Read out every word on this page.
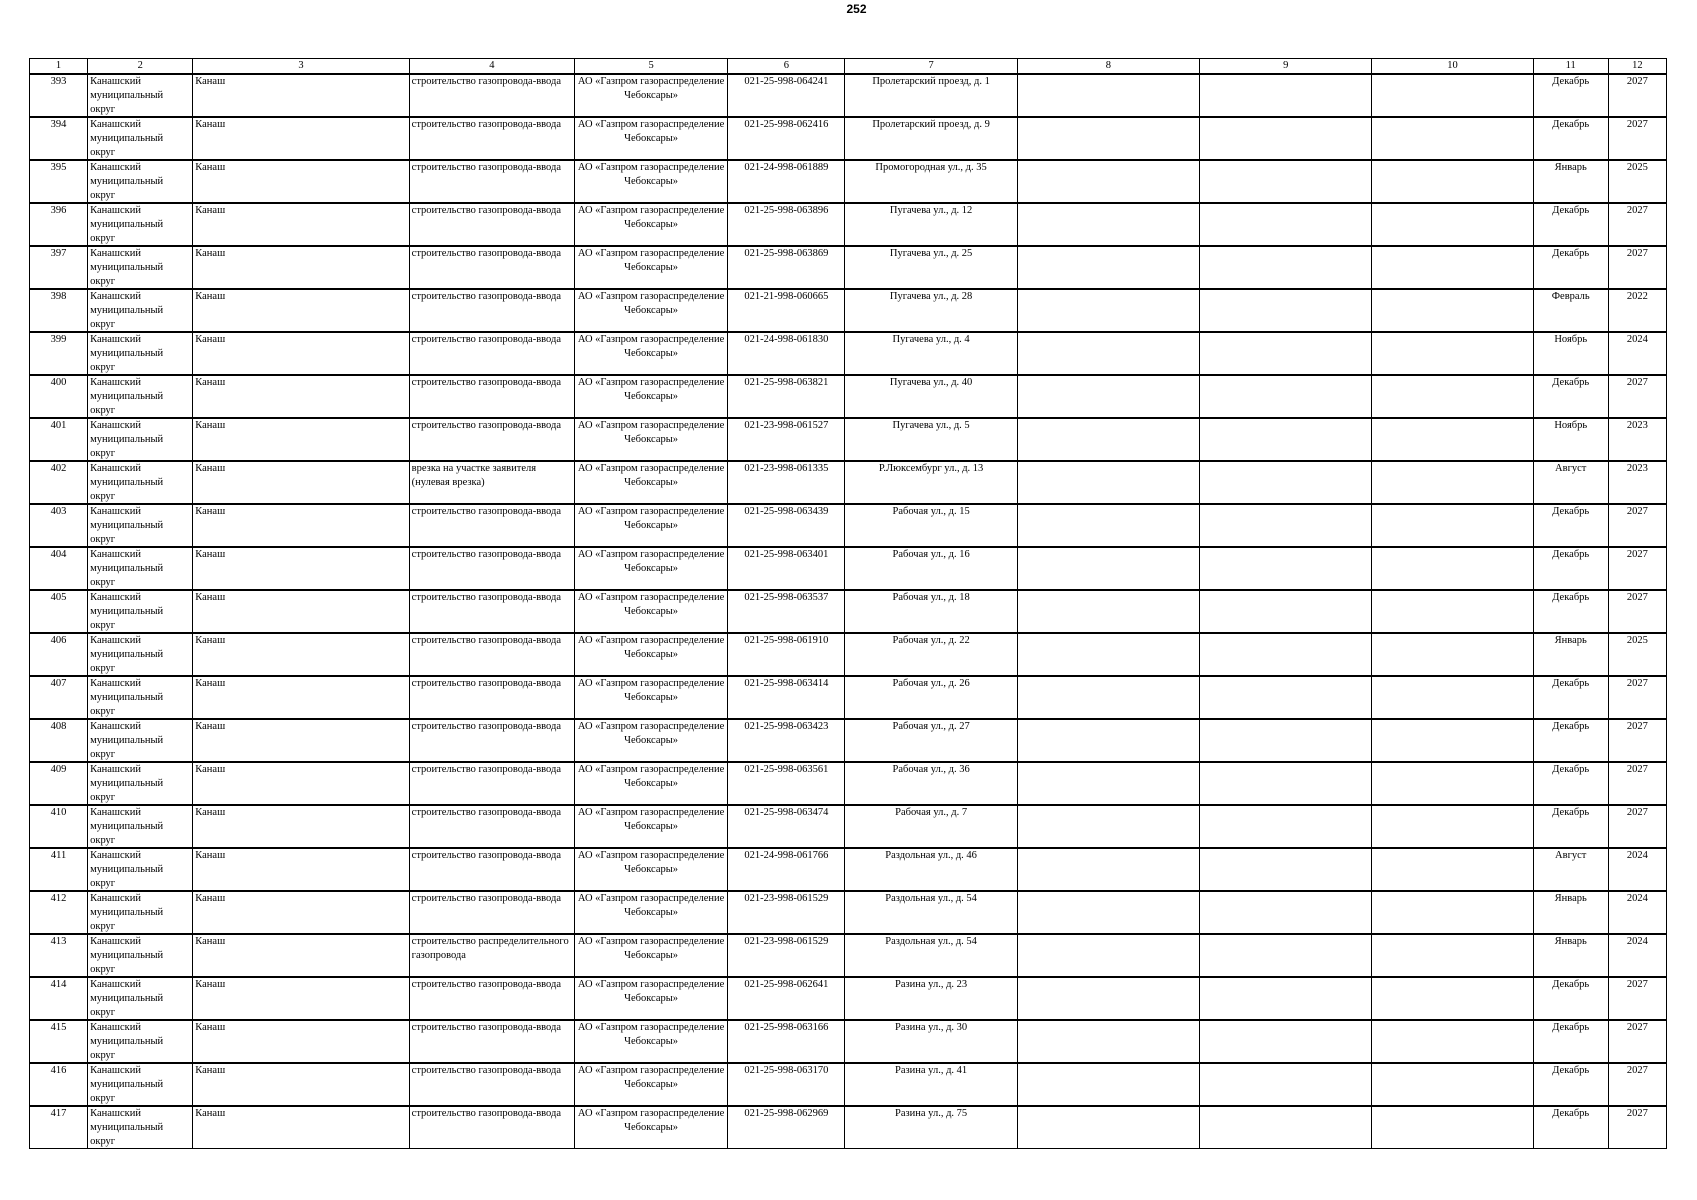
252
1	2	3	4	5	6	7	8	9	10	11	12

393	Канашский муниципальный округ	Канаш	строительство газопровода-ввода	АО «Газпром газораспределение Чебоксары»	021-25-998-064241	Пролетарский проезд, д. 1				Декабрь	2027

394	Канашский муниципальный округ	Канаш	строительство газопровода-ввода	АО «Газпром газораспределение Чебоксары»	021-25-998-062416	Пролетарский проезд, д. 9				Декабрь	2027

395	Канашский муниципальный округ	Канаш	строительство газопровода-ввода	АО «Газпром газораспределение Чебоксары»	021-24-998-061889	Промогородная ул., д. 35				Январь	2025

396	Канашский муниципальный округ	Канаш	строительство газопровода-ввода	АО «Газпром газораспределение Чебоксары»	021-25-998-063896	Пугачева ул., д. 12				Декабрь	2027

397	Канашский муниципальный округ	Канаш	строительство газопровода-ввода	АО «Газпром газораспределение Чебоксары»	021-25-998-063869	Пугачева ул., д. 25				Декабрь	2027

398	Канашский муниципальный округ	Канаш	строительство газопровода-ввода	АО «Газпром газораспределение Чебоксары»	021-21-998-060665	Пугачева ул., д. 28				Февраль	2022

399	Канашский муниципальный округ	Канаш	строительство газопровода-ввода	АО «Газпром газораспределение Чебоксары»	021-24-998-061830	Пугачева ул., д. 4				Ноябрь	2024

400	Канашский муниципальный округ	Канаш	строительство газопровода-ввода	АО «Газпром газораспределение Чебоксары»	021-25-998-063821	Пугачева ул., д. 40				Декабрь	2027

401	Канашский муниципальный округ	Канаш	строительство газопровода-ввода	АО «Газпром газораспределение Чебоксары»	021-23-998-061527	Пугачева ул., д. 5				Ноябрь	2023

402	Канашский муниципальный округ	Канаш	врезка на участке заявителя (нулевая врезка)	АО «Газпром газораспределение Чебоксары»	021-23-998-061335	Р.Люксембург ул., д. 13				Август	2023

403	Канашский муниципальный округ	Канаш	строительство газопровода-ввода	АО «Газпром газораспределение Чебоксары»	021-25-998-063439	Рабочая ул., д. 15				Декабрь	2027

404	Канашский муниципальный округ	Канаш	строительство газопровода-ввода	АО «Газпром газораспределение Чебоксары»	021-25-998-063401	Рабочая ул., д. 16				Декабрь	2027

405	Канашский муниципальный округ	Канаш	строительство газопровода-ввода	АО «Газпром газораспределение Чебоксары»	021-25-998-063537	Рабочая ул., д. 18				Декабрь	2027

406	Канашский муниципальный округ	Канаш	строительство газопровода-ввода	АО «Газпром газораспределение Чебоксары»	021-25-998-061910	Рабочая ул., д. 22				Январь	2025

407	Канашский муниципальный округ	Канаш	строительство газопровода-ввода	АО «Газпром газораспределение Чебоксары»	021-25-998-063414	Рабочая ул., д. 26				Декабрь	2027

408	Канашский муниципальный округ	Канаш	строительство газопровода-ввода	АО «Газпром газораспределение Чебоксары»	021-25-998-063423	Рабочая ул., д. 27				Декабрь	2027

409	Канашский муниципальный округ	Канаш	строительство газопровода-ввода	АО «Газпром газораспределение Чебоксары»	021-25-998-063561	Рабочая ул., д. 36				Декабрь	2027

410	Канашский муниципальный округ	Канаш	строительство газопровода-ввода	АО «Газпром газораспределение Чебоксары»	021-25-998-063474	Рабочая ул., д. 7				Декабрь	2027

411	Канашский муниципальный округ	Канаш	строительство газопровода-ввода	АО «Газпром газораспределение Чебоксары»	021-24-998-061766	Раздольная ул., д. 46				Август	2024

412	Канашский муниципальный округ	Канаш	строительство газопровода-ввода	АО «Газпром газораспределение Чебоксары»	021-23-998-061529	Раздольная ул., д. 54				Январь	2024

413	Канашский муниципальный округ	Канаш	строительство распределительного газопровода	АО «Газпром газораспределение Чебоксары»	021-23-998-061529	Раздольная ул., д. 54				Январь	2024

414	Канашский муниципальный округ	Канаш	строительство газопровода-ввода	АО «Газпром газораспределение Чебоксары»	021-25-998-062641	Разина ул., д. 23				Декабрь	2027

415	Канашский муниципальный округ	Канаш	строительство газопровода-ввода	АО «Газпром газораспределение Чебоксары»	021-25-998-063166	Разина ул., д. 30				Декабрь	2027

416	Канашский муниципальный округ	Канаш	строительство газопровода-ввода	АО «Газпром газораспределение Чебоксары»	021-25-998-063170	Разина ул., д. 41				Декабрь	2027

417	Канашский муниципальный округ	Канаш	строительство газопровода-ввода	АО «Газпром газораспределение Чебоксары»	021-25-998-062969	Разина ул., д. 75				Декабрь	2027
